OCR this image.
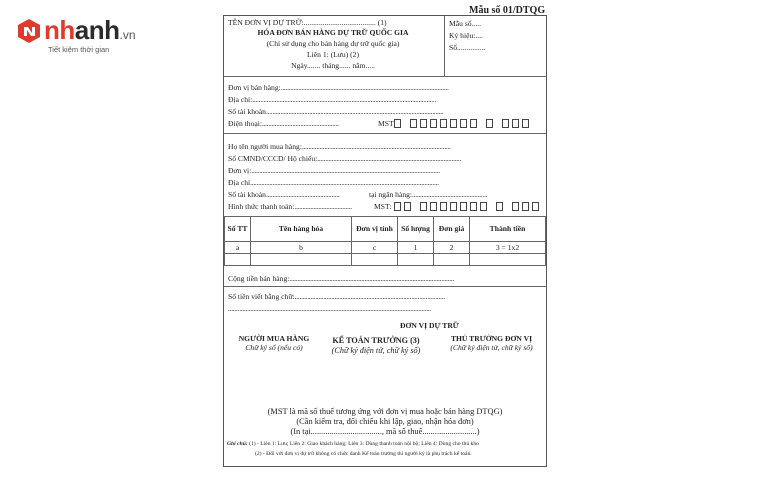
nhanh.vn
Tiết kiệm thời gian
Mẫu số 01/DTQG
TÊN ĐƠN VỊ DỰ TRỮ:...................................... (1)
HÓA ĐƠN BÁN HÀNG DỰ TRỮ QUỐC GIA
(Chỉ sử dụng cho bán hàng dự trữ quốc gia)
Liên 1: (Lưu) (2)
Ngày....... tháng...... năm.....
Mẫu số.....
Ký hiệu:....
Số...............
Đơn vị bán hàng:.........................................................................................................
Địa chỉ:...................................................................................................................
Số tài khoản...............................................................................................................
Điện thoại:................................................	MST:
Họ tên người mua hàng:.............................................................................................
Số CMND/CCCD/ Hộ chiếu:..........................................................................................
Đơn vị:......................................................................................................................
Địa chỉ......................................................................................................................
Số tài khoản..............................................	tại ngân hàng:...............................................
Hình thức thanh toán:....................................	MST:
Số TT	Tên hàng hóa	Đơn vị tính	Số lượng	Đơn giá	Thành tiền
a	b	c	1	2	3 = 1x2

Cộng tiền bán hàng:.......................................................................................................
Số tiền viết bằng chữ:..............................................................................................
...............................................................................................................................
ĐƠN VỊ DỰ TRỮ
NGƯỜI MUA HÀNG
Chữ ký số (nếu có)
KẾ TOÁN TRƯỞNG (3)
(Chữ ký điện tử, chữ ký số)
THỦ TRƯỞNG ĐƠN VỊ
(Chữ ký điện tử, chữ ký số)
(MST là mã số thuế tương ứng với đơn vị mua hoặc bán hàng DTQG)
(Cần kiểm tra, đối chiếu khi lập, giao, nhận hóa đơn)
(In tại.................................., mã số thuế..........................)
Ghi chú: (1) - Liên 1: Lưu; Liên 2: Giao khách hàng; Liên 3: Dùng thanh toán nội bộ; Liên 4: Dùng cho thủ kho
(2) - Đối với đơn vị dự trữ không có chức danh Kế toán trưởng thì người ký là phụ trách kế toán.
